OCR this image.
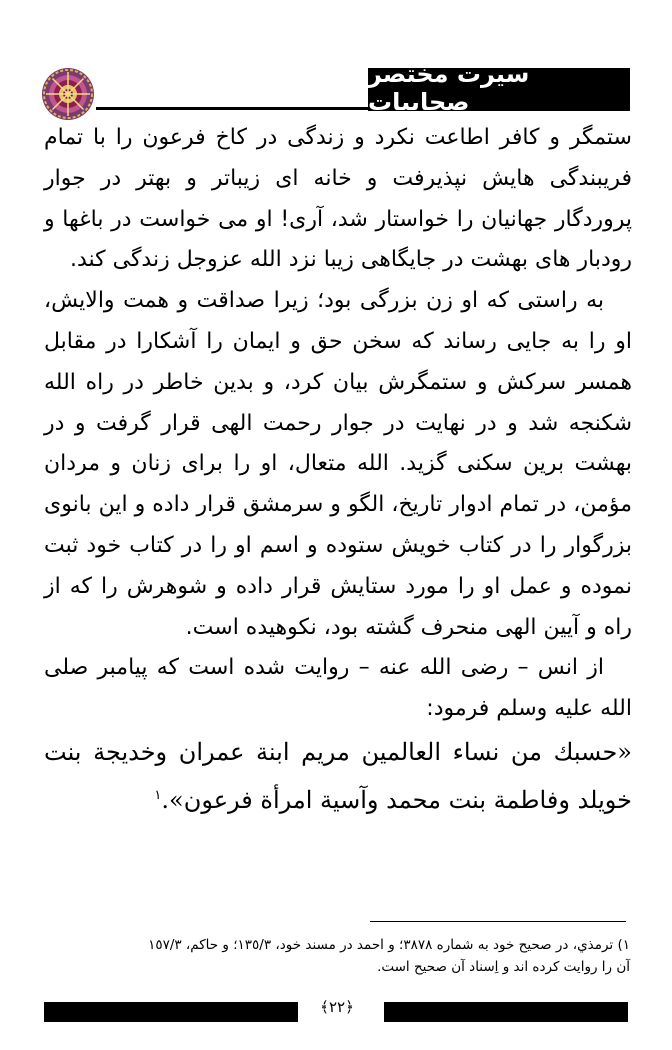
سیرت مختصر صحابیات

ستمگر و کافر اطاعت نکرد و زندگی در کاخ فرعون را با تمام فریبندگی هایش نپذیرفت و خانه ای زیباتر و بهتر در جوار پروردگار جهانیان را خواستار شد، آری! او می خواست در باغها و رودبار های بهشت در جایگاهی زیبا نزد الله عزوجل زندگی کند.

به راستی که او زن بزرگی بود؛ زیرا صداقت و همت والایش، او را به جایی رساند که سخن حق و ایمان را آشکارا در مقابل همسر سرکش و ستمگرش بیان کرد، و بدین خاطر در راه الله شکنجه شد و در نهایت در جوار رحمت الهی قرار گرفت و در بهشت برین سکنی گزید. الله متعال، او را برای زنان و مردان مؤمن، در تمام ادوار تاریخ، الگو و سرمشق قرار داده و این بانوی بزرگوار را در کتاب خویش ستوده و اسم او را در کتاب خود ثبت نموده و عمل او را مورد ستایش قرار داده و شوهرش را که از راه و آیین الهی منحرف گشته بود، نکوهیده است.

از انس – رضی الله عنه – روایت شده است که پیامبر صلی الله علیه وسلم فرمود:

«حسبك من نساء العالمين مريم ابنة عمران وخديجة بنت خويلد وفاطمة بنت محمد وآسية امرأة فرعون».$^١$

١) ترمذي، در صحيح خود به شماره ٣٨٧٨؛ و احمد در مسند خود، ١٣٥/٣؛ و حاكم، ١٥٧/٣

آن را روايت كرده اند و اِسناد آن صحيح است.

﴿٢٢﴾
